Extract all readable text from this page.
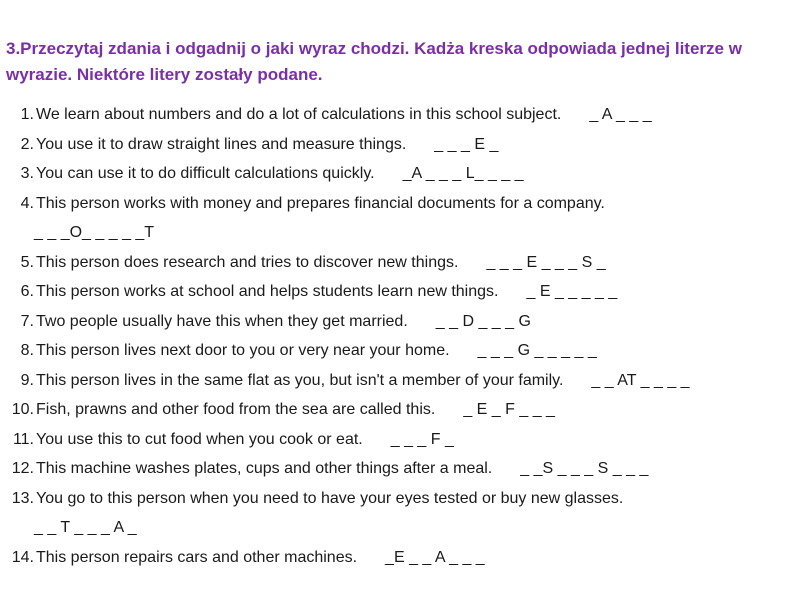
3.Przeczytaj zdania i odgadnij o jaki wyraz chodzi. Kadża kreska odpowiada jednej literze w wyrazie. Niektóre litery zostały podane.

1. We learn about numbers and do a lot of calculations in this school subject. _ A _ _ _
2. You use it to draw straight lines and measure things. _ _ _ E _
3. You can use it to do difficult calculations quickly. _A _ _ _ L_ _ _ _
4. This person works with money and prepares financial documents for a company.
_ _ _O_ _ _ _ _T
5. This person does research and tries to discover new things. _ _ _ E _ _ _ S _
6. This person works at school and helps students learn new things. _ E _ _ _ _ _
7. Two people usually have this when they get married. _ _ D _ _ _ G
8. This person lives next door to you or very near your home. _ _ _ G _ _ _ _ _
9. This person lives in the same flat as you, but isn't a member of your family. _ _ AT _ _ _ _
10. Fish, prawns and other food from the sea are called this. _ E _ F _ _ _
11. You use this to cut food when you cook or eat. _ _ _ F _
12. This machine washes plates, cups and other things after a meal. _ _S _ _ _ S _ _ _
13. You go to this person when you need to have your eyes tested or buy new glasses.
_ _ T _ _ _ A _
14. This person repairs cars and other machines. _E _ _ A _ _ _
